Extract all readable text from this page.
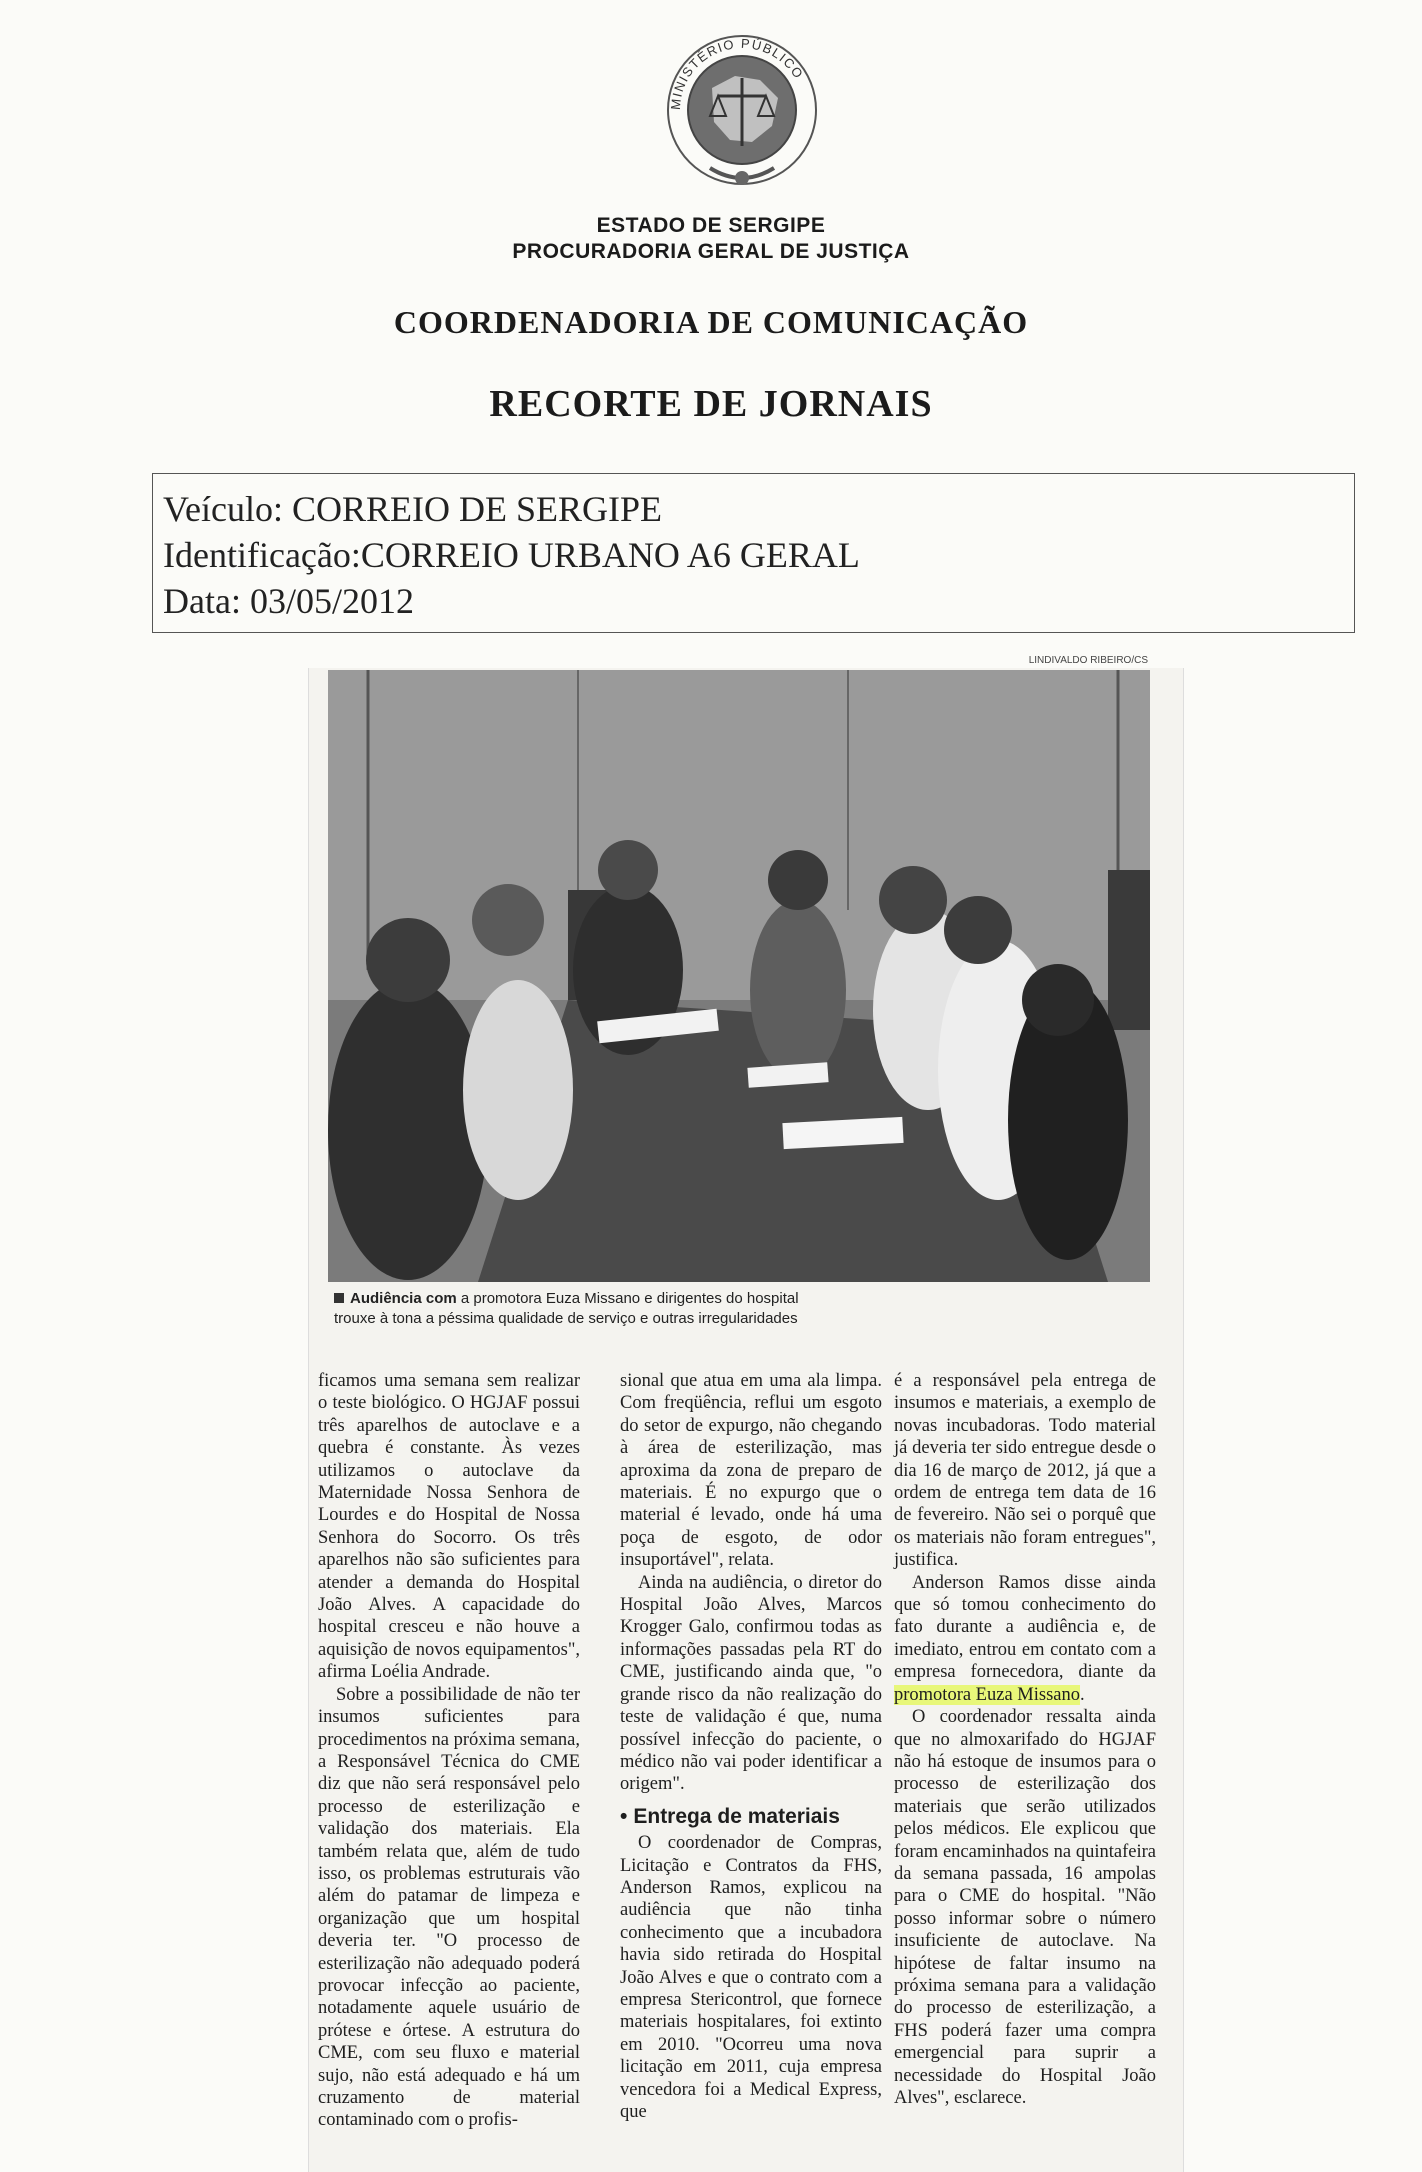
MINISTÉRIO PÚBLICO
ESTADO DE SERGIPE
PROCURADORIA GERAL DE JUSTIÇA
COORDENADORIA DE COMUNICAÇÃO
RECORTE DE JORNAIS
Veículo: CORREIO DE SERGIPE
Identificação:CORREIO URBANO A6 GERAL
Data: 03/05/2012
LINDIVALDO RIBEIRO/CS
Audiência com a promotora Euza Missano e dirigentes do hospital
trouxe à tona a péssima qualidade de serviço e outras irregularidades

ficamos uma semana sem realizar o teste biológico. O HGJAF possui três aparelhos de autoclave e a quebra é constante. Às vezes utilizamos o autoclave da Maternidade Nossa Senhora de Lourdes e do Hospital de Nossa Senhora do Socorro. Os três aparelhos não são suficientes para atender a demanda do Hospital João Alves. A capacidade do hospital cresceu e não houve a aquisição de novos equipamentos", afirma Loélia Andrade.

Sobre a possibilidade de não ter insumos suficientes para procedimentos na próxima semana, a Responsável Técnica do CME diz que não será responsável pelo processo de esterilização e validação dos materiais. Ela também relata que, além de tudo isso, os problemas estruturais vão além do patamar de limpeza e organização que um hospital deveria ter. "O processo de esterilização não adequado poderá provocar infecção ao paciente, notadamente aquele usuário de prótese e órtese. A estrutura do CME, com seu fluxo e material sujo, não está adequado e há um cruzamento de material contaminado com o profis-

sional que atua em uma ala limpa. Com freqüência, reflui um esgoto do setor de expurgo, não chegando à área de esterilização, mas aproxima da zona de preparo de materiais. É no expurgo que o material é levado, onde há uma poça de esgoto, de odor insuportável", relata.

Ainda na audiência, o diretor do Hospital João Alves, Marcos Krogger Galo, confirmou todas as informações passadas pela RT do CME, justificando ainda que, "o grande risco da não realização do teste de validação é que, numa possível infecção do paciente, o médico não vai poder identificar a origem".

• Entrega de materiais

O coordenador de Compras, Licitação e Contratos da FHS, Anderson Ramos, explicou na audiência que não tinha conhecimento que a incubadora havia sido retirada do Hospital João Alves e que o contrato com a empresa Stericontrol, que fornece materiais hospitalares, foi extinto em 2010. "Ocorreu uma nova licitação em 2011, cuja empresa vencedora foi a Medical Express, que

é a responsável pela entrega de insumos e materiais, a exemplo de novas incubadoras. Todo material já deveria ter sido entregue desde o dia 16 de março de 2012, já que a ordem de entrega tem data de 16 de fevereiro. Não sei o porquê que os materiais não foram entregues", justifica.

Anderson Ramos disse ainda que só tomou conhecimento do fato durante a audiência e, de imediato, entrou em contato com a empresa fornecedora, diante da promotora Euza Missano.

O coordenador ressalta ainda que no almoxarifado do HGJAF não há estoque de insumos para o processo de esterilização dos materiais que serão utilizados pelos médicos. Ele explicou que foram encaminhados na quintafeira da semana passada, 16 ampolas para o CME do hospital. "Não posso informar sobre o número insuficiente de autoclave. Na hipótese de faltar insumo na próxima semana para a validação do processo de esterilização, a FHS poderá fazer uma compra emergencial para suprir a necessidade do Hospital João Alves", esclarece.
